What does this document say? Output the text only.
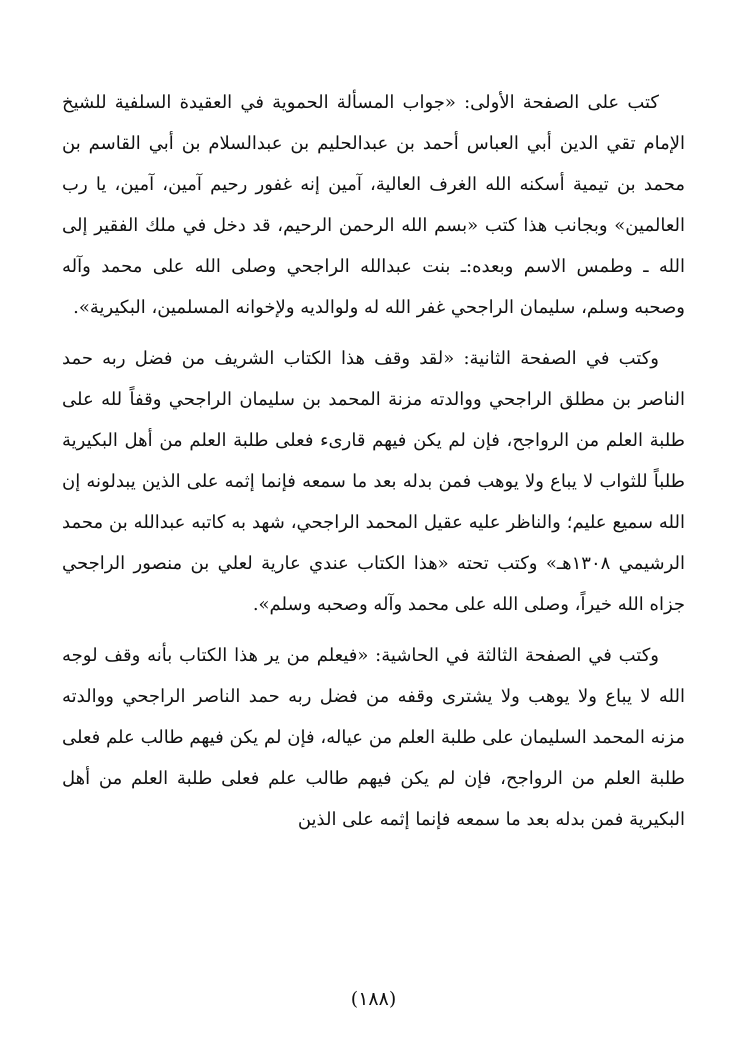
كتب على الصفحة الأولى: «جواب المسألة الحموية في العقيدة السلفية للشيخ الإمام تقي الدين أبي العباس أحمد بن عبدالحليم بن عبدالسلام بن أبي القاسم بن محمد بن تيمية أسكنه الله الغرف العالية، آمين إنه غفور رحيم آمين، آمين، يا رب العالمين» وبجانب هذا كتب «بسم الله الرحمن الرحيم، قد دخل في ملك الفقير إلى الله ـ وطمس الاسم وبعده:ـ بنت عبدالله الراجحي وصلى الله على محمد وآله وصحبه وسلم، سليمان الراجحي غفر الله له ولوالديه ولإخوانه المسلمين، البكيرية».

وكتب في الصفحة الثانية: «لقد وقف هذا الكتاب الشريف من فضل ربه حمد الناصر بن مطلق الراجحي ووالدته مزنة المحمد بن سليمان الراجحي وقفاً لله على طلبة العلم من الرواجح، فإن لم يكن فيهم قارىء فعلى طلبة العلم من أهل البكيرية طلباً للثواب لا يباع ولا يوهب فمن بدله بعد ما سمعه فإنما إثمه على الذين يبدلونه إن الله سميع عليم؛ والناظر عليه عقيل المحمد الراجحي، شهد به كاتبه عبدالله بن محمد الرشيمي ١٣٠٨هـ» وكتب تحته «هذا الكتاب عندي عارية لعلي بن منصور الراجحي جزاه الله خيراً، وصلى الله على محمد وآله وصحبه وسلم».

وكتب في الصفحة الثالثة في الحاشية: «فيعلم من ير هذا الكتاب بأنه وقف لوجه الله لا يباع ولا يوهب ولا يشترى وقفه من فضل ربه حمد الناصر الراجحي ووالدته مزنه المحمد السليمان على طلبة العلم من عياله، فإن لم يكن فيهم طالب علم فعلى طلبة العلم من الرواجح، فإن لم يكن فيهم طالب علم فعلى طلبة العلم من أهل البكيرية فمن بدله بعد ما سمعه فإنما إثمه على الذين

(١٨٨)
